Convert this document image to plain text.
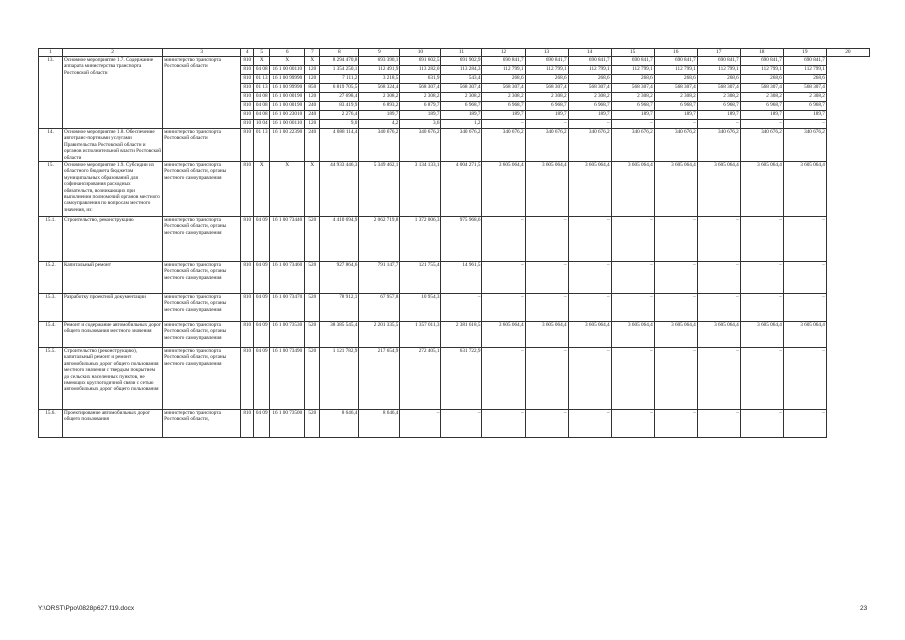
1	2	3	4	5	6	7	8	9	10	11	12	13	14	15	16	17	18	19	20
13.	Основное мероприятие 1.7. Содержание аппарата министерства транспорта Ростовской области	министерство транспорта Ростовской области	810	X	X	X	8 294 470,8	693 390,1	691 602,5	691 902,9	690 841,7	690 841,7	690 841,7	690 841,7	690 841,7	690 841,7	690 841,7	690 841,7	
			810	04 08	16 1 00 00110	120	1 354 250,1	112 491,9	113 282,0	113 284,3	112 799,1	112 799,1	112 799,1	112 799,1	112 799,1	112 799,1	112 799,1	112 799,1	
			810	01 13	16 1 00 99990	120	7 111,2	3 218,5	631,9	543,4	268,6	268,6	268,6	268,6	268,6	268,6	268,6	268,6	
			810	01 13	16 1 00 99990	850	6 819 705,5	568 324,4	568 307,4	568 307,4	568 307,4	568 307,4	568 307,4	568 307,4	568 307,4	568 307,4	568 307,4	568 307,4	
			810	04 08	16 1 00 00190	120	27 698,4	2 308,2	2 308,2	2 308,2	2 308,2	2 308,2	2 308,2	2 308,2	2 308,2	2 308,2	2 308,2	2 308,2	
			810	04 08	16 1 00 00190	240	83 419,9	6 893,2	6 879,7	6 968,7	6 968,7	6 968,7	6 968,7	6 968,7	6 968,7	6 968,7	6 968,7	6 968,7	
			810	04 08	16 1 00 23010	240	2 276,4	189,7	189,7	189,7	189,7	189,7	189,7	189,7	189,7	189,7	189,7	189,7	
			810	10 04	16 1 00 00110	120	9,0	4,2	3,6	1,2	–	–	–	–	–	–	–	–	
14.	Основное мероприятие 1.8. Обеспечение автотранс-портными услугами Правительства Ростовской области и органов исполнительной власти Ростовской области	министерство транспорта Ростовской области	810	01 13	16 1 00 22390	240	4 088 114,4	340 676,2	340 676,2	340 676,2	340 676,2	340 676,2	340 676,2	340 676,2	340 676,2	340 676,2	340 676,2	340 676,2	
15.	Основное мероприятие 1.9. Субсидии из областного бюджета бюджетам муниципальных образований для софинансирования расходных обязательств, возникающих при выполнении полномочий органов местного самоуправления по вопросам местного значения, из:	министерство транспорта Ростовской области, органы местного самоуправления	810	X	X	X	44 933 446,3	5 349 462,1	3 134 133,1	4 004 271,5	3 605 064,4	3 605 064,4	3 605 064,4	3 605 064,4	3 605 064,4	3 605 064,4	3 605 064,4	3 605 064,4	
15.1.	Строительство, реконструкцию	министерство транспорта Ростовской области, органы местного самоуправления	810	04 09	16 1 00 73440	520	4 410 694,9	2 062 719,8	1 372 006,3	975 968,6	–	–	–	–	–	–	–	–	
15.2.	Капитальный ремонт	министерство транспорта Ростовской области, органы местного самоуправления	810	04 09	16 1 00 73460	520	927 864,6	791 147,7	121 755,4	14 961,5	–	–	–	–	–	–	–	–	
15.3.	Разработку проектной документации	министерство транспорта Ростовской области, органы местного самоуправления	810	04 09	16 1 00 73470	520	78 912,1	67 957,8	10 954,3	–	–	–	–	–	–	–	–	–	
15.4.	Ремонт и содержание автомобильных дорог общего пользования местного значения	министерство транспорта Ростовской области, органы местного самоуправления	810	04 09	16 1 00 73530	520	38 385 545,4	2 201 335,5	1 357 011,3	2 381 618,5	3 605 064,4	3 605 064,4	3 605 064,4	3 605 064,4	3 605 064,4	3 605 064,4	3 605 064,4	3 605 064,4	
15.5.	Строительство (реконструкцию), капитальный ремонт и ремонт автомобильных дорог общего пользования местного значения с твердым покрытием до сельских населенных пунктов, не имеющих круглогодичной связи с сетью автомобильных дорог общего пользования	министерство транспорта Ростовской области, органы местного самоуправления	810	04 09	16 1 00 73490	520	1 121 782,9	217 654,9	272 405,1	631 722,9	–	–	–	–	–	–	–	–	
15.6.	Проектирование автомобильных дорог общего пользования	министерство транспорта Ростовской области,	810	04 09	16 1 00 73500	520	8 646,4	8 646,4	–	–	–	–	–	–	–	–	–	–	
Y:\ORST\Ppo\0828p627.f19.docx	23
